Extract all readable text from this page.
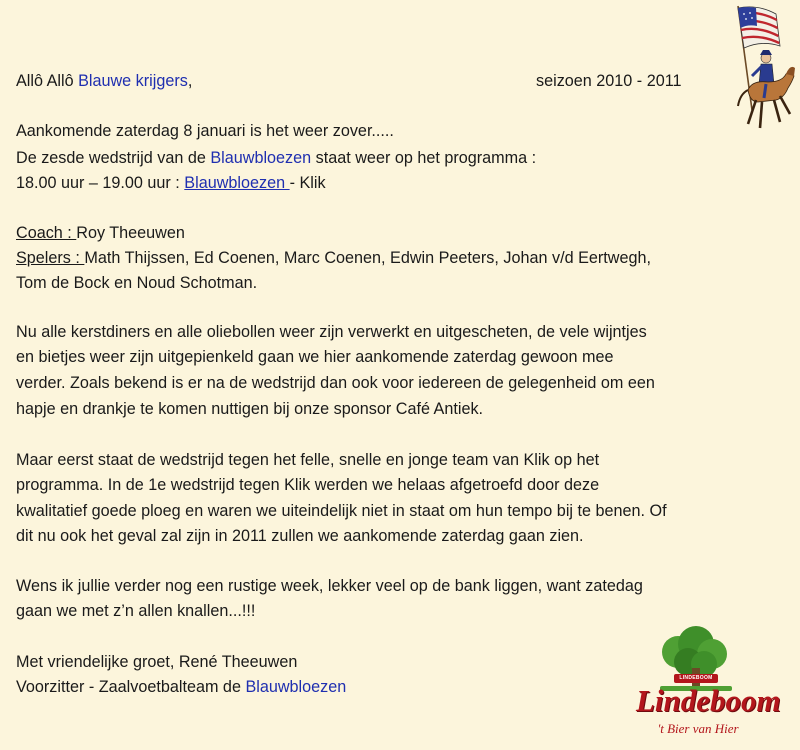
Allô Allô Blauwe krijgers,	seizoen 2010 - 2011
Aankomende zaterdag 8 januari is het weer zover.....
De zesde wedstrijd van de Blauwbloezen staat weer op het programma :
18.00 uur – 19.00 uur : Blauwbloezen - Klik
Coach : Roy Theeuwen
Spelers : Math Thijssen, Ed Coenen, Marc Coenen, Edwin Peeters, Johan v/d Eertwegh,
Tom de Bock en Noud Schotman.
Nu alle kerstdiners en alle oliebollen weer zijn verwerkt en uitgescheten, de vele wijntjes
en bietjes weer zijn uitgepienkeld gaan we hier aankomende zaterdag gewoon mee
verder. Zoals bekend is er na de wedstrijd dan ook voor iedereen de gelegenheid om een
hapje en drankje te komen nuttigen bij onze sponsor Café Antiek.
Maar eerst staat de wedstrijd tegen het felle, snelle en jonge team van Klik op het
programma. In de 1e wedstrijd tegen Klik werden we helaas afgetroefd door deze
kwalitatief goede ploeg en waren we uiteindelijk niet in staat om hun tempo bij te benen. Of
dit nu ook het geval zal zijn in 2011 zullen we aankomende zaterdag gaan zien.
Wens ik jullie verder nog een rustige week, lekker veel op de bank liggen, want zatedag
gaan we met z’n allen knallen...!!!
Met vriendelijke groet, René Theeuwen
Voorzitter - Zaalvoetbalteam de Blauwbloezen	LINDEBOOM
Lindeboom
't Bier van Hier
